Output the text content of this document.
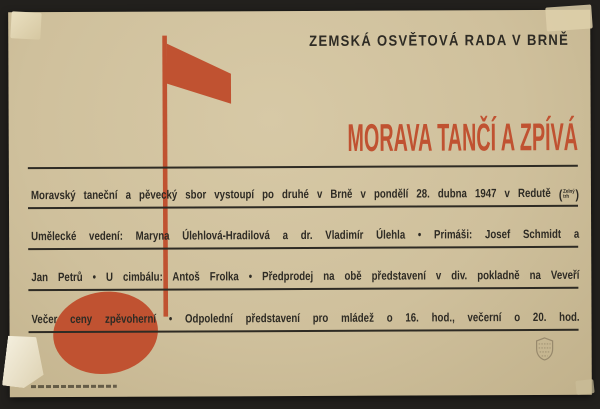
ZEMSKÁ OSVĚTOVÁ RADA V BRNĚ
MORAVA TANČÍ A ZPÍVÁ
Moravský taneční a pěvecký sbor vystoupí po druhé v Brně v pondělí 28. dubna 1947 v Redutě ( Zelný
trh )
Umělecké vedení: Maryna Úlehlová-Hradilová a dr. Vladimír Úlehla • Primáši: Josef Schmidt a
Jan Petrů • U cimbálu: Antoš Frolka • Předprodej na obě představení v div. pokladně na Veveří
Večer ceny zpěvoherní • Odpolední představení pro mládež o 16. hod., večerní o 20. hod.
